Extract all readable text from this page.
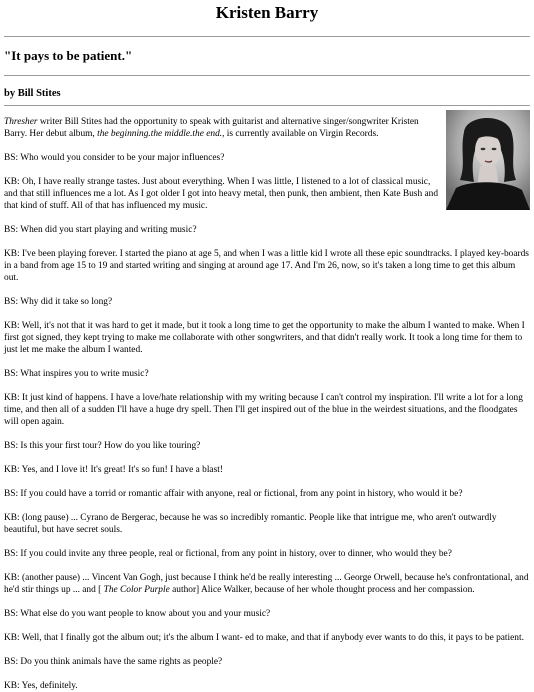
Kristen Barry
"It pays to be patient."
by Bill Stites

Thresher writer Bill Stites had the opportunity to speak with guitarist and alternative singer/songwriter Kristen Barry. Her debut album, the beginning.the middle.the end., is currently available on Virgin Records.

BS: Who would you consider to be your major influences?

KB: Oh, I have really strange tastes. Just about everything. When I was little, I listened to a lot of classical music, and that still influences me a lot. As I got older I got into heavy metal, then punk, then ambient, then Kate Bush and that kind of stuff. All of that has influenced my music.

BS: When did you start playing and writing music?

KB: I've been playing forever. I started the piano at age 5, and when I was a little kid I wrote all these epic soundtracks. I played key-boards in a band from age 15 to 19 and started writing and singing at around age 17. And I'm 26, now, so it's taken a long time to get this album out.

BS: Why did it take so long?

KB: Well, it's not that it was hard to get it made, but it took a long time to get the opportunity to make the album I wanted to make. When I first got signed, they kept trying to make me collaborate with other songwriters, and that didn't really work. It took a long time for them to just let me make the album I wanted.

BS: What inspires you to write music?

KB: It just kind of happens. I have a love/hate relationship with my writing because I can't control my inspiration. I'll write a lot for a long time, and then all of a sudden I'll have a huge dry spell. Then I'll get inspired out of the blue in the weirdest situations, and the floodgates will open again.

BS: Is this your first tour? How do you like touring?

KB: Yes, and I love it! It's great! It's so fun! I have a blast!

BS: If you could have a torrid or romantic affair with anyone, real or fictional, from any point in history, who would it be?

KB: (long pause) ... Cyrano de Bergerac, because he was so incredibly romantic. People like that intrigue me, who aren't outwardly beautiful, but have secret souls.

BS: If you could invite any three people, real or fictional, from any point in history, over to dinner, who would they be?

KB: (another pause) ... Vincent Van Gogh, just because I think he'd be really interesting ... George Orwell, because he's confrontational, and he'd stir things up ... and [ The Color Purple author] Alice Walker, because of her whole thought process and her compassion.

BS: What else do you want people to know about you and your music?

KB: Well, that I finally got the album out; it's the album I want- ed to make, and that if anybody ever wants to do this, it pays to be patient.

BS: Do you think animals have the same rights as people?

KB: Yes, definitely.
